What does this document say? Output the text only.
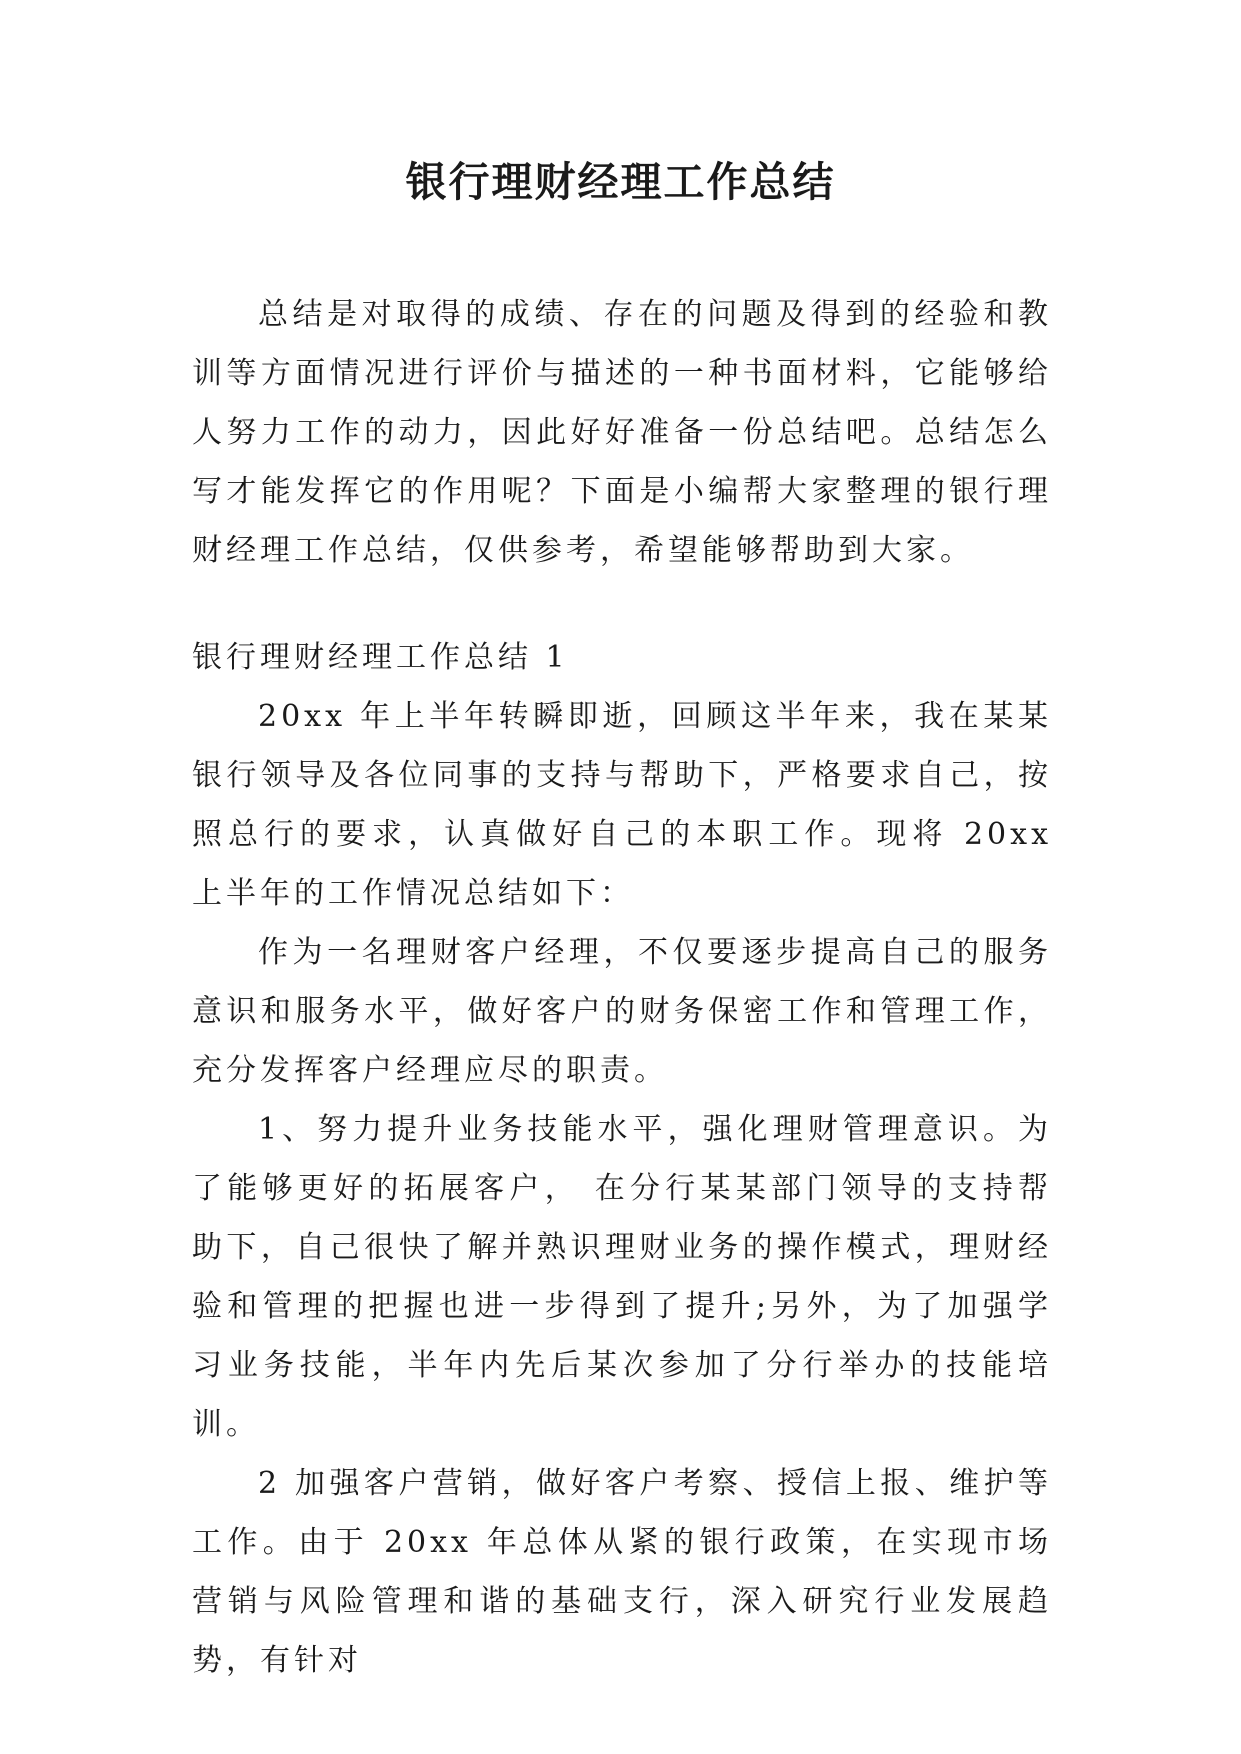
银行理财经理工作总结

总结是对取得的成绩、存在的问题及得到的经验和教训等方面情况进行评价与描述的一种书面材料，它能够给人努力工作的动力，因此好好准备一份总结吧。总结怎么写才能发挥它的作用呢？下面是小编帮大家整理的银行理财经理工作总结，仅供参考，希望能够帮助到大家。

银行理财经理工作总结 1

20xx 年上半年转瞬即逝，回顾这半年来，我在某某银行领导及各位同事的支持与帮助下，严格要求自己，按照总行的要求，认真做好自己的本职工作。现将 20xx 上半年的工作情况总结如下：

作为一名理财客户经理，不仅要逐步提高自己的服务意识和服务水平，做好客户的财务保密工作和管理工作，充分发挥客户经理应尽的职责。

1、努力提升业务技能水平，强化理财管理意识。为了能够更好的拓展客户， 在分行某某部门领导的支持帮助下，自己很快了解并熟识理财业务的操作模式，理财经验和管理的把握也进一步得到了提升;另外，为了加强学习业务技能，半年内先后某次参加了分行举办的技能培训。

2 加强客户营销，做好客户考察、授信上报、维护等工作。由于 20xx 年总体从紧的银行政策，在实现市场营销与风险管理和谐的基础支行，深入研究行业发展趋势，有针对
